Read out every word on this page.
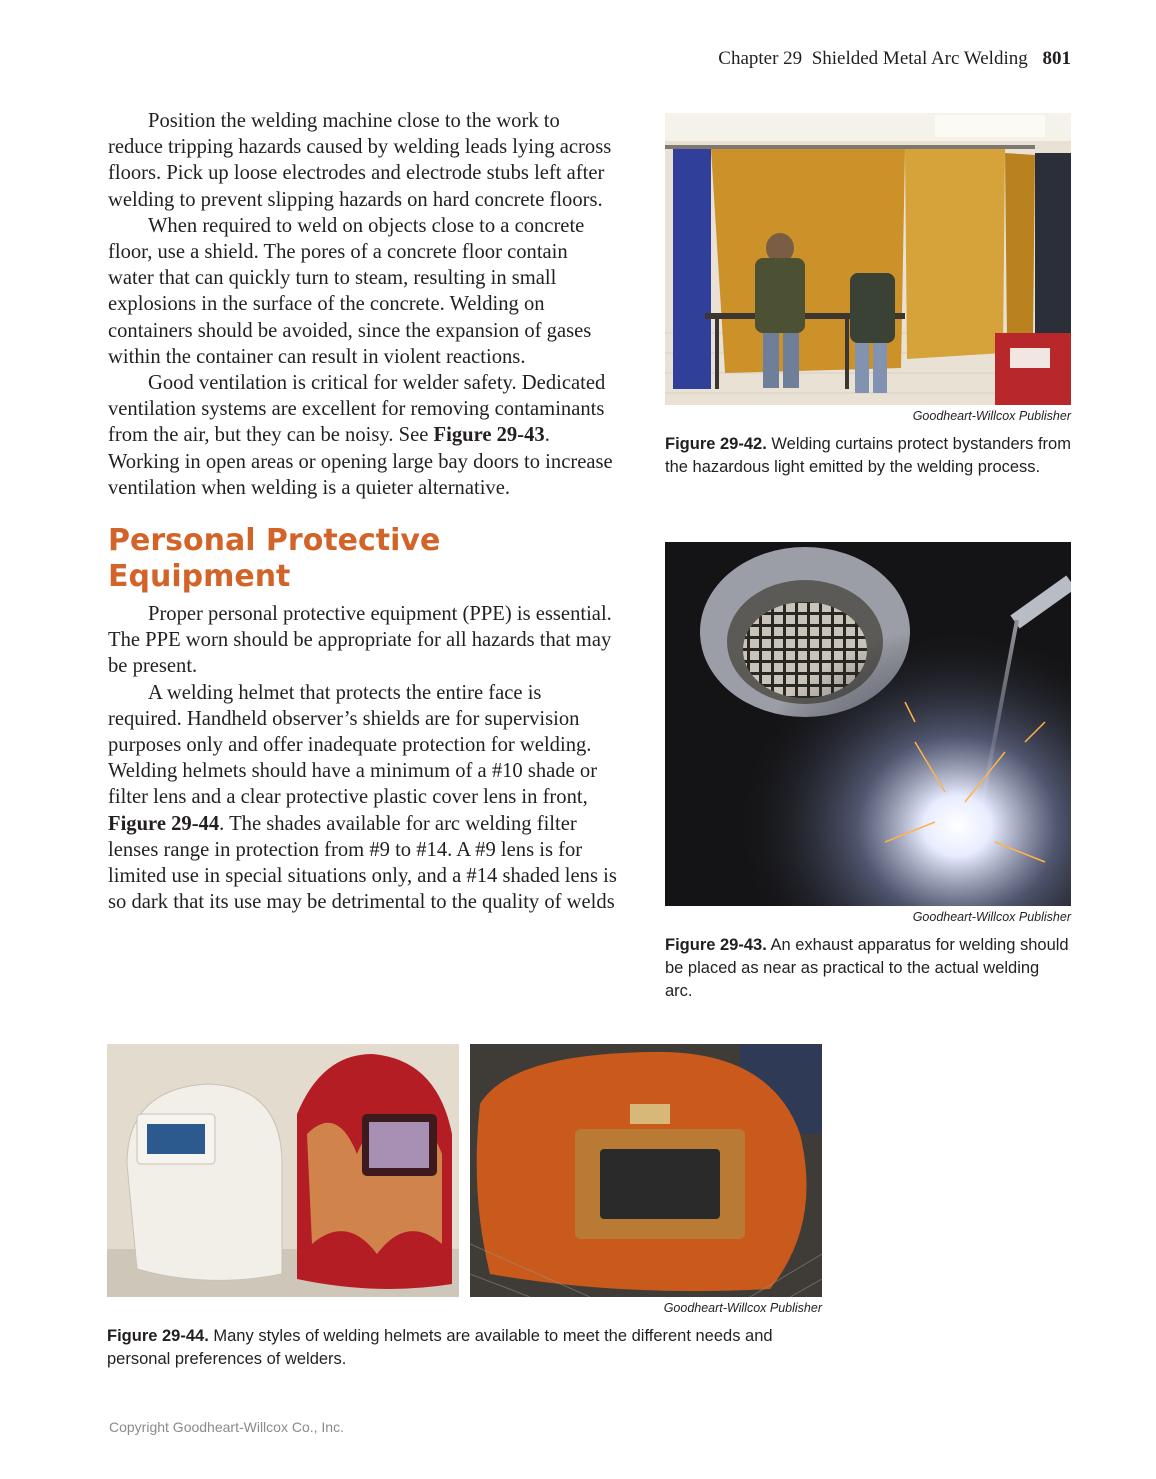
Chapter 29 Shielded Metal Arc Welding 801

Position the welding machine close to the work to reduce tripping hazards caused by welding leads lying across floors. Pick up loose electrodes and electrode stubs left after welding to prevent slipping hazards on hard concrete floors.

When required to weld on objects close to a concrete floor, use a shield. The pores of a concrete floor contain water that can quickly turn to steam, resulting in small explosions in the surface of the concrete. Welding on containers should be avoided, since the expansion of gases within the container can result in violent reactions.

Good ventilation is critical for welder safety. Dedicated ventilation systems are excellent for removing contaminants from the air, but they can be noisy. See Figure 29-43. Working in open areas or opening large bay doors to increase ventilation when welding is a quieter alternative.

Personal Protective Equipment

Proper personal protective equipment (PPE) is essential. The PPE worn should be appropriate for all hazards that may be present.

A welding helmet that protects the entire face is required. Handheld observer’s shields are for supervision purposes only and offer inadequate protection for welding. Welding helmets should have a minimum of a #10 shade or filter lens and a clear protective plastic cover lens in front, Figure 29-44. The shades available for arc welding filter lenses range in protection from #9 to #14. A #9 lens is for limited use in special situations only, and a #14 shaded lens is so dark that its use may be detrimental to the quality of welds

Goodheart-Willcox Publisher
Figure 29-42. Welding curtains protect bystanders from the hazardous light emitted by the welding process.
Goodheart-Willcox Publisher
Figure 29-43. An exhaust apparatus for welding should be placed as near as practical to the actual welding arc.
Goodheart-Willcox Publisher
Figure 29-44. Many styles of welding helmets are available to meet the different needs and personal preferences of welders.
Copyright Goodheart-Willcox Co., Inc.
